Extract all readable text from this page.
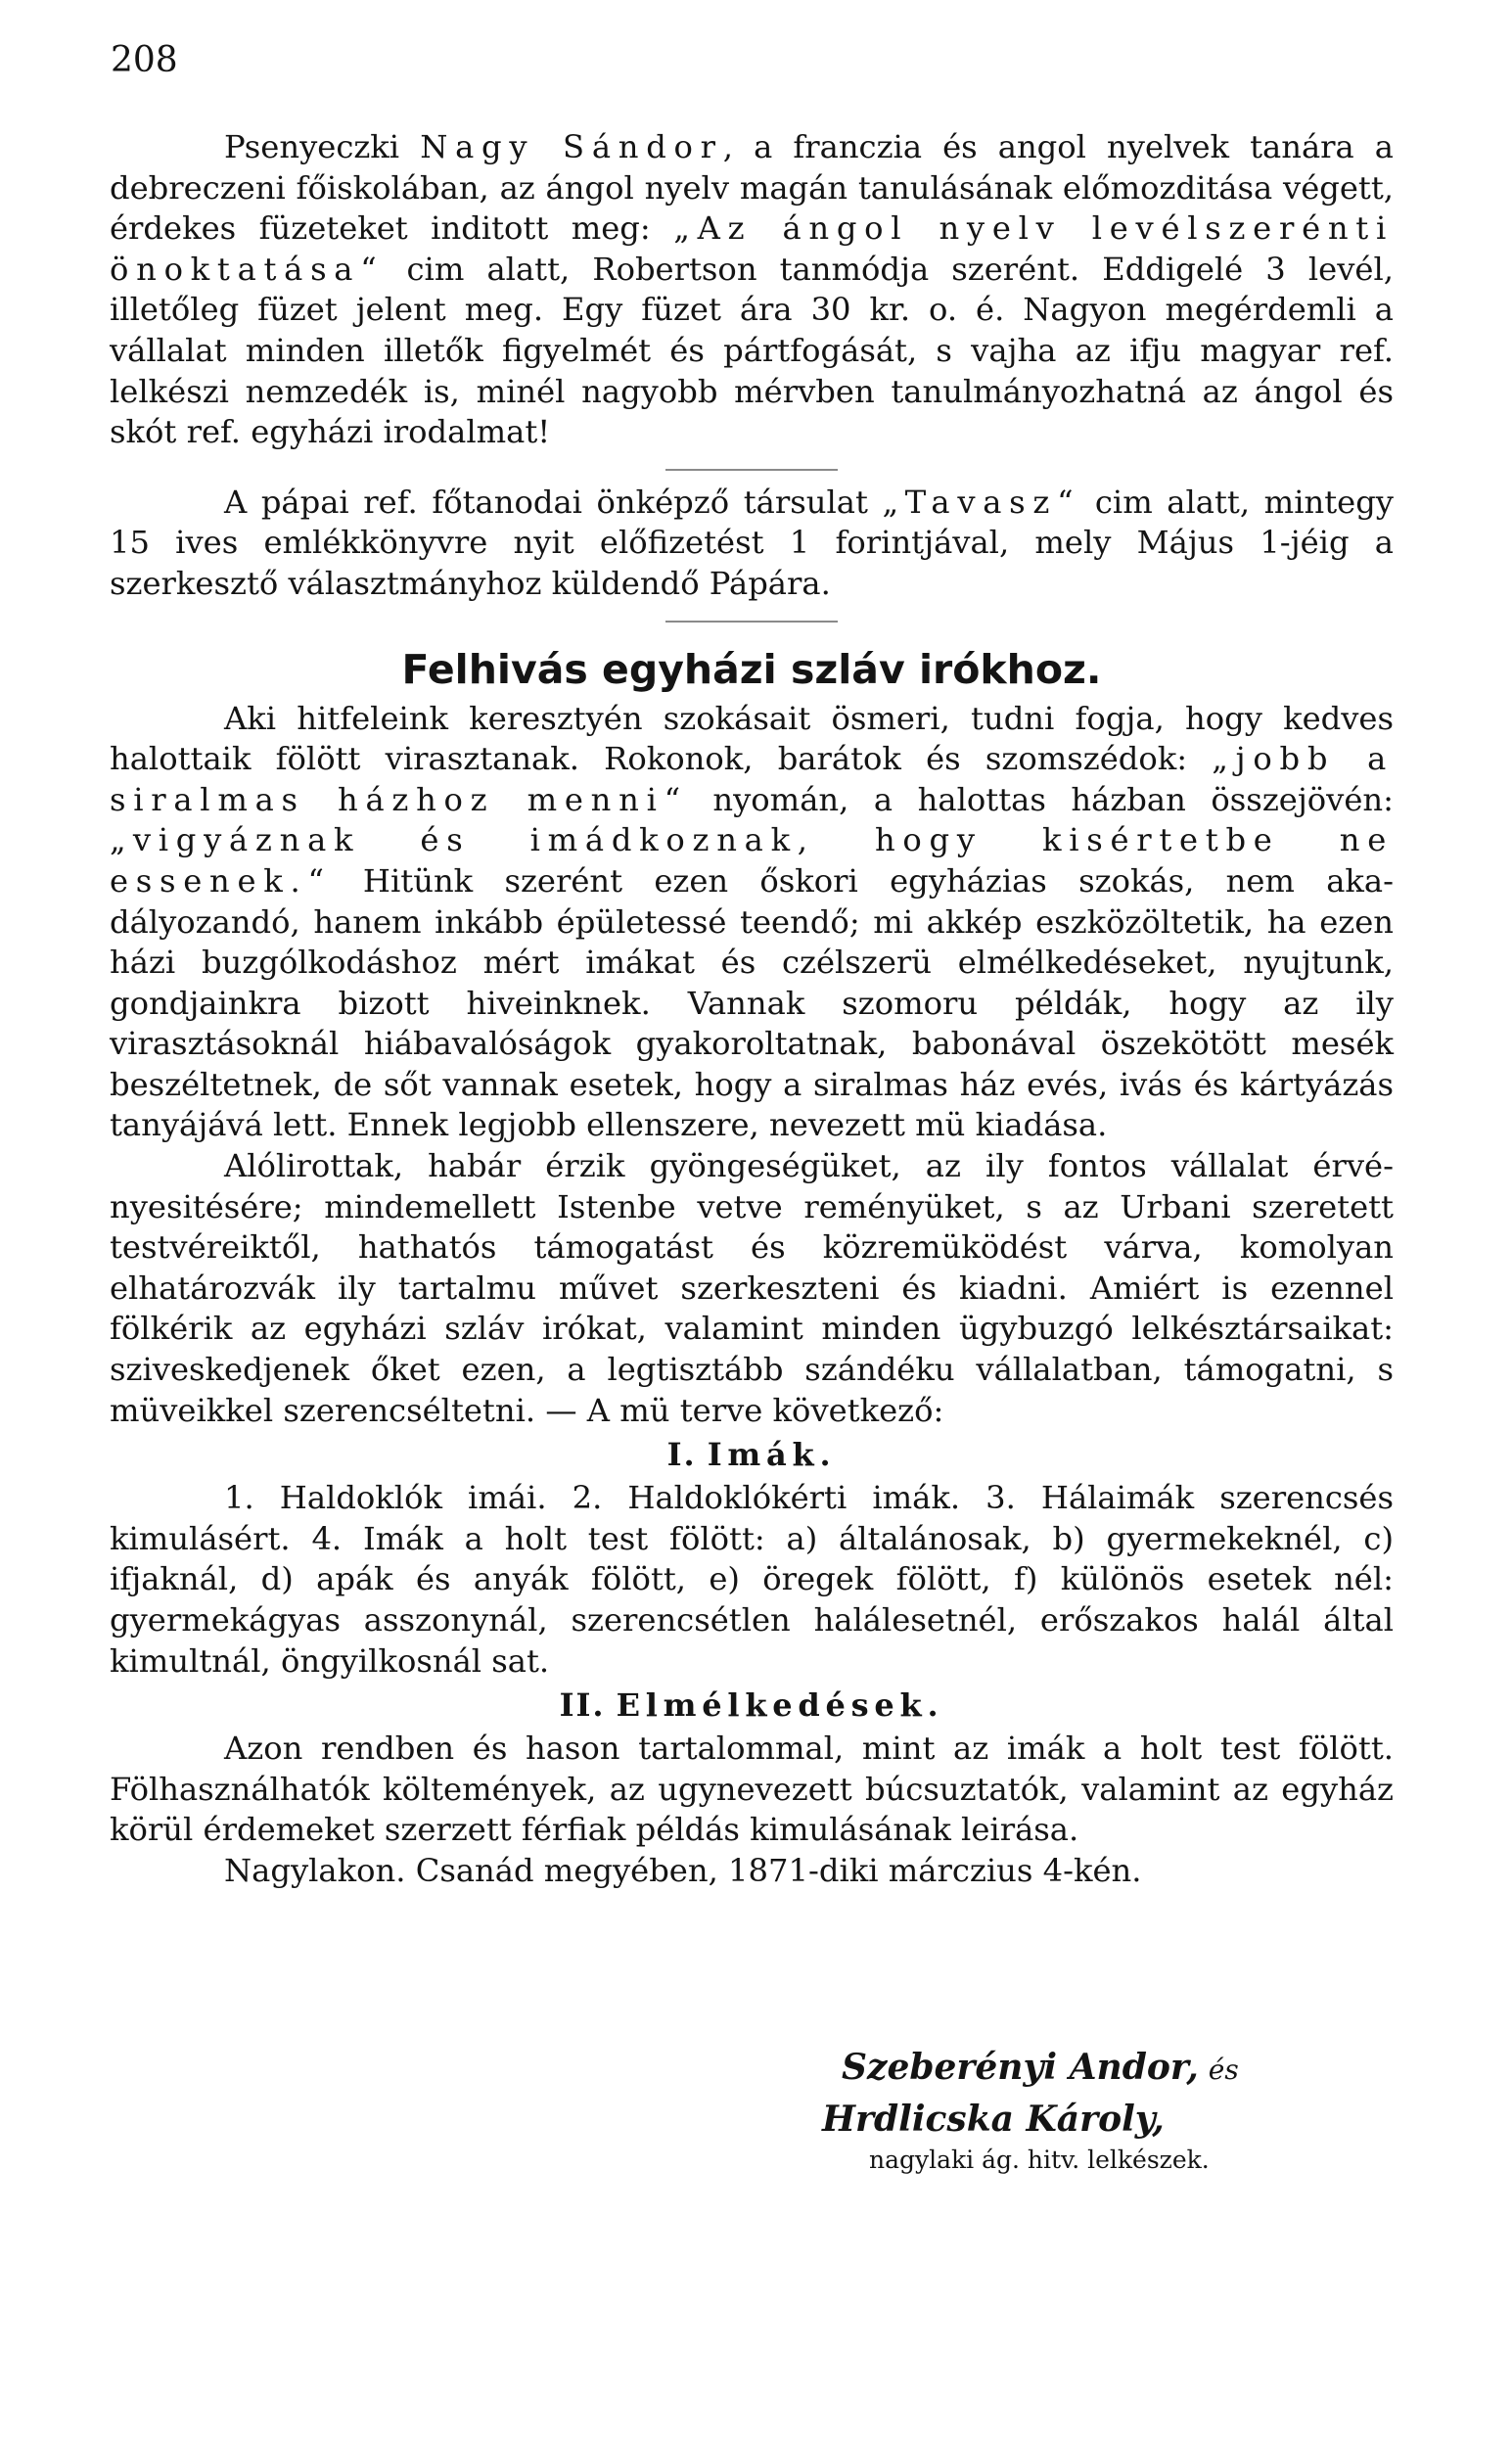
208

Psenyeczki Nagy Sándor, a franczia és angol nyelvek tanára a debreczeni főiskolában, az ángol nyelv magán tanulásának előmozditása végett, érdekes füzeteket inditott meg: „Az ángol nyelv levélszerénti önoktatása“ cim alatt, Robertson tanmódja szerént. Eddigelé 3 levél, illetőleg füzet jelent meg. Egy füzet ára 30 kr. o. é. Nagyon megérdemli a vállalat minden illetők figyelmét és pártfogását, s vajha az ifju magyar ref. lelkészi nemzedék is, minél nagyobb mérvben tanulmányozhatná az ángol és skót ref. egyházi irodalmat!

A pápai ref. főtanodai önképző társulat „Tavasz“ cim alatt, mintegy 15 ives emlékkönyvre nyit előfizetést 1 forintjával, mely Május 1-jéig a szerkesztő választmányhoz küldendő Pápára.

Felhivás egyházi szláv irókhoz.

Aki hitfeleink keresztyén szokásait ösmeri, tudni fogja, hogy kedves halottaik fölött virasztanak. Rokonok, barátok és szomszédok: „jobb a siralmas házhoz menni“ nyomán, a halottas házban összejövén: „vigyáznak és imádkoznak, hogy kisértetbe ne essenek.“ Hitünk szerént ezen őskori egyházias szokás, nem akadályozandó, hanem inkább épületessé teendő; mi akkép eszközöltetik, ha ezen házi buzgólkodáshoz mért imákat és czélszerü elmélkedéseket, nyujtunk, gondjainkra bizott hiveinknek. Vannak szomoru példák, hogy az ily virasztásoknál hiábavalóságok gyakoroltatnak, babonával öszekötött mesék beszéltetnek, de sőt vannak esetek, hogy a siralmas ház evés, ivás és kártyázás tanyájává lett. Ennek legjobb ellenszere, nevezett mü kiadása.

Alólirottak, habár érzik gyöngeségüket, az ily fontos vállalat érvényesitésére; mindemellett Istenbe vetve reményüket, s az Urbani szeretett testvéreiktől, hathatós támogatást és közremüködést várva, komolyan elhatározvák ily tartalmu művet szerkeszteni és kiadni. Amiért is ezennel fölkérik az egyházi szláv irókat, valamint minden ügybuzgó lelkésztársaikat: sziveskedjenek őket ezen, a legtisztább szándéku vállalatban, támogatni, s müveikkel szerencséltetni. — A mü terve következő:

I. Imák.

1. Haldoklók imái. 2. Haldoklókérti imák. 3. Hálaimák szerencsés kimulásért. 4. Imák a holt test fölött: a) általánosak, b) gyermekeknél, c) ifjaknál, d) apák és anyák fölött, e) öregek fölött, f) különös esetek nél: gyermekágyas asszonynál, szerencsétlen halálesetnél, erőszakos halál által kimultnál, öngyilkosnál sat.

II. Elmélkedések.

Azon rendben és hason tartalommal, mint az imák a holt test fölött. Fölhasználhatók költemények, az ugynevezett búcsuztatók, valamint az egyház körül érdemeket szerzett férfiak példás kimulásának leirása.

Nagylakon. Csanád megyében, 1871-diki márczius 4-kén.

Szeberényi Andor, és
Hrdlicska Károly,
nagylaki ág. hitv. lelkészek.
